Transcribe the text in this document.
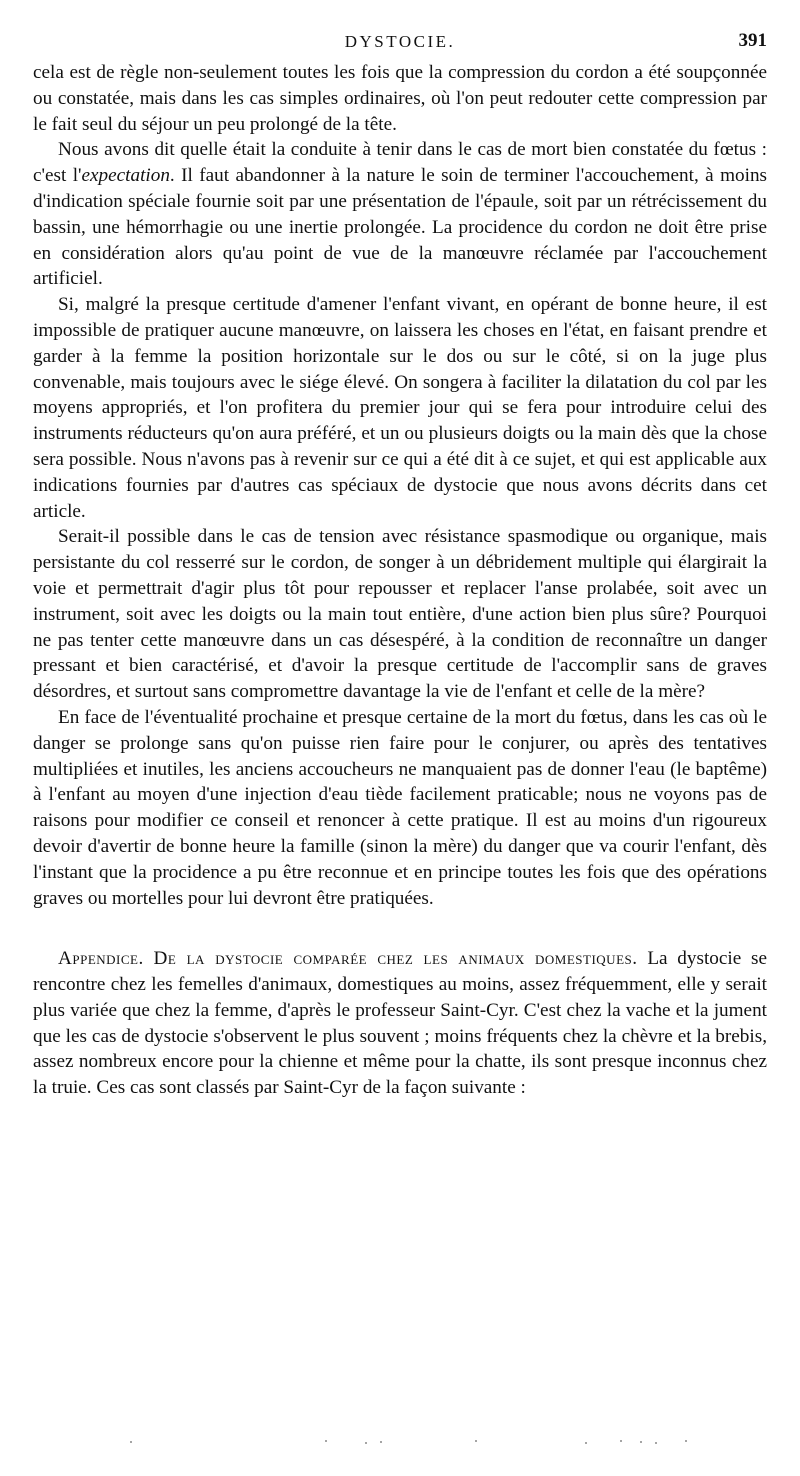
DYSTOCIE.	391

cela est de règle non-seulement toutes les fois que la compression du cordon a été soupçonnée ou constatée, mais dans les cas simples ordinaires, où l'on peut redouter cette compression par le fait seul du séjour un peu prolongé de la tête.

Nous avons dit quelle était la conduite à tenir dans le cas de mort bien constatée du fœtus : c'est l'expectation. Il faut abandonner à la nature le soin de terminer l'accouchement, à moins d'indication spéciale fournie soit par une présentation de l'épaule, soit par un rétrécissement du bassin, une hémorrhagie ou une inertie prolongée. La procidence du cordon ne doit être prise en considération alors qu'au point de vue de la manœuvre réclamée par l'accouchement artificiel.

Si, malgré la presque certitude d'amener l'enfant vivant, en opérant de bonne heure, il est impossible de pratiquer aucune manœuvre, on laissera les choses en l'état, en faisant prendre et garder à la femme la position horizontale sur le dos ou sur le côté, si on la juge plus convenable, mais toujours avec le siége élevé. On songera à faciliter la dilatation du col par les moyens appropriés, et l'on profitera du premier jour qui se fera pour introduire celui des instruments réducteurs qu'on aura préféré, et un ou plusieurs doigts ou la main dès que la chose sera possible. Nous n'avons pas à revenir sur ce qui a été dit à ce sujet, et qui est applicable aux indications fournies par d'autres cas spéciaux de dystocie que nous avons décrits dans cet article.

Serait-il possible dans le cas de tension avec résistance spasmodique ou organique, mais persistante du col resserré sur le cordon, de songer à un débridement multiple qui élargirait la voie et permettrait d'agir plus tôt pour repousser et replacer l'anse prolabée, soit avec un instrument, soit avec les doigts ou la main tout entière, d'une action bien plus sûre? Pourquoi ne pas tenter cette manœuvre dans un cas désespéré, à la condition de reconnaître un danger pressant et bien caractérisé, et d'avoir la presque certitude de l'accomplir sans de graves désordres, et surtout sans compromettre davantage la vie de l'enfant et celle de la mère?

En face de l'éventualité prochaine et presque certaine de la mort du fœtus, dans les cas où le danger se prolonge sans qu'on puisse rien faire pour le conjurer, ou après des tentatives multipliées et inutiles, les anciens accoucheurs ne manquaient pas de donner l'eau (le baptême) à l'enfant au moyen d'une injection d'eau tiède facilement praticable; nous ne voyons pas de raisons pour modifier ce conseil et renoncer à cette pratique. Il est au moins d'un rigoureux devoir d'avertir de bonne heure la famille (sinon la mère) du danger que va courir l'enfant, dès l'instant que la procidence a pu être reconnue et en principe toutes les fois que des opérations graves ou mortelles pour lui devront être pratiquées.

Appendice. De la dystocie comparée chez les animaux domestiques. La dystocie se rencontre chez les femelles d'animaux, domestiques au moins, assez fréquemment, elle y serait plus variée que chez la femme, d'après le professeur Saint-Cyr. C'est chez la vache et la jument que les cas de dystocie s'observent le plus souvent ; moins fréquents chez la chèvre et la brebis, assez nombreux encore pour la chienne et même pour la chatte, ils sont presque inconnus chez la truie. Ces cas sont classés par Saint-Cyr de la façon suivante :
